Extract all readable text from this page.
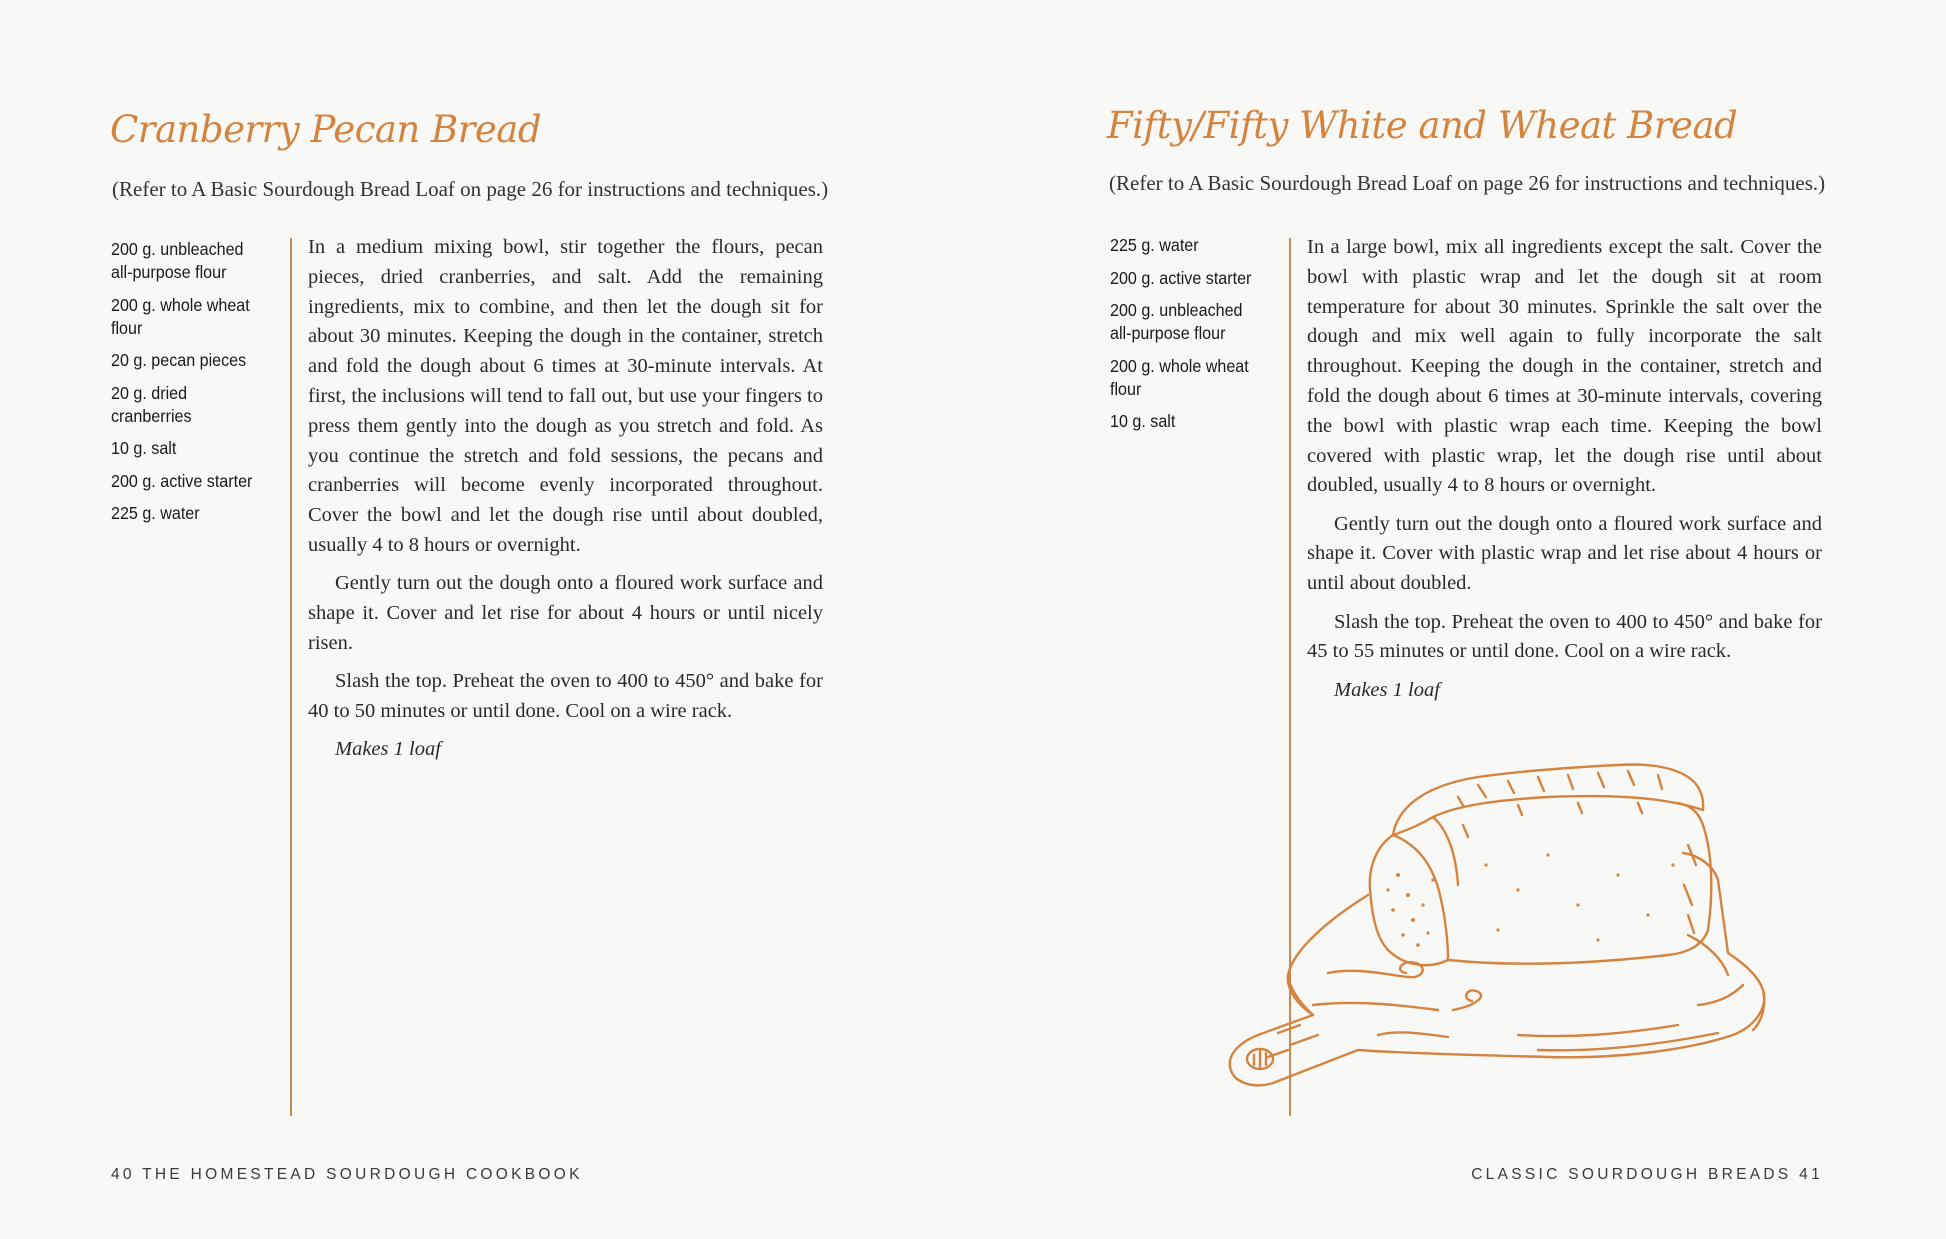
Cranberry Pecan Bread

(Refer to A Basic Sourdough Bread Loaf on page 26 for instructions and techniques.)

200 g. unbleached all-purpose flour
200 g. whole wheat flour
20 g. pecan pieces
20 g. dried cranberries
10 g. salt
200 g. active starter
225 g. water

In a medium mixing bowl, stir together the flours, pecan pieces, dried cranberries, and salt. Add the remaining ingredients, mix to combine, and then let the dough sit for about 30 minutes. Keeping the dough in the container, stretch and fold the dough about 6 times at 30-minute intervals. At first, the inclusions will tend to fall out, but use your fingers to press them gently into the dough as you stretch and fold. As you continue the stretch and fold sessions, the pecans and cranberries will become evenly incorporated throughout. Cover the bowl and let the dough rise until about doubled, usually 4 to 8 hours or overnight.

Gently turn out the dough onto a floured work surface and shape it. Cover and let rise for about 4 hours or until nicely risen.

Slash the top. Preheat the oven to 400 to 450° and bake for 40 to 50 minutes or until done. Cool on a wire rack.

Makes 1 loaf

40 THE HOMESTEAD SOURDOUGH COOKBOOK

Fifty/Fifty White and Wheat Bread

(Refer to A Basic Sourdough Bread Loaf on page 26 for instructions and techniques.)

225 g. water
200 g. active starter
200 g. unbleached all-purpose flour
200 g. whole wheat flour
10 g. salt

In a large bowl, mix all ingredients except the salt. Cover the bowl with plastic wrap and let the dough sit at room temperature for about 30 minutes. Sprinkle the salt over the dough and mix well again to fully incorporate the salt throughout. Keeping the dough in the container, stretch and fold the dough about 6 times at 30-minute intervals, covering the bowl with plastic wrap each time. Keeping the bowl covered with plastic wrap, let the dough rise until about doubled, usually 4 to 8 hours or overnight.

Gently turn out the dough onto a floured work surface and shape it. Cover with plastic wrap and let rise about 4 hours or until about doubled.

Slash the top. Preheat the oven to 400 to 450° and bake for 45 to 55 minutes or until done. Cool on a wire rack.

Makes 1 loaf

CLASSIC SOURDOUGH BREADS 41
